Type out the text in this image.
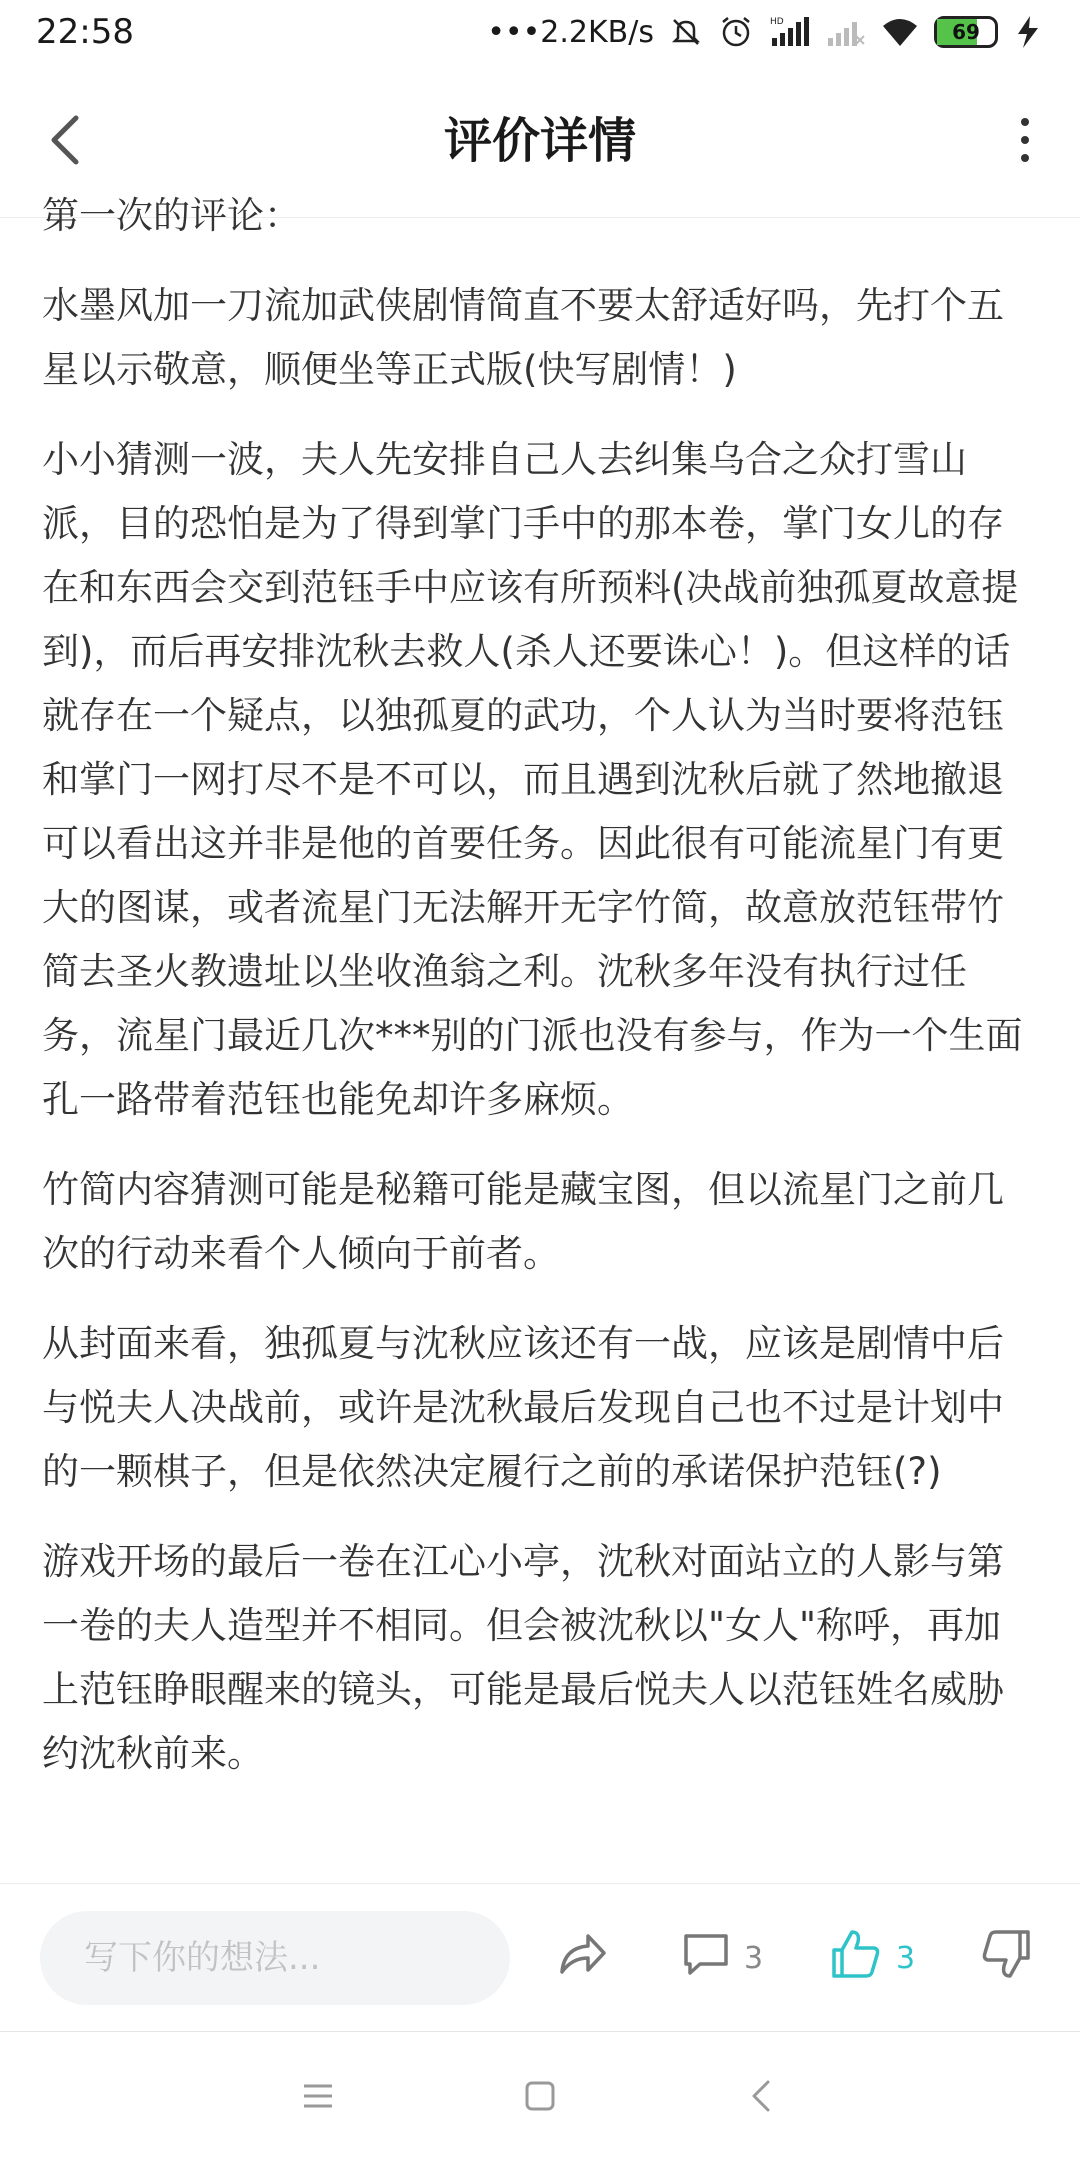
22:58	•••2.2KB/s	HD	69
评价详情
第一次的评论：

水墨风加一刀流加武侠剧情简直不要太舒适好吗，先打个五星以示敬意，顺便坐等正式版(快写剧情！)

小小猜测一波，夫人先安排自己人去纠集乌合之众打雪山派，目的恐怕是为了得到掌门手中的那本卷，掌门女儿的存在和东西会交到范钰手中应该有所预料(决战前独孤夏故意提到)，而后再安排沈秋去救人(杀人还要诛心！)。但这样的话就存在一个疑点，以独孤夏的武功，个人认为当时要将范钰和掌门一网打尽不是不可以，而且遇到沈秋后就了然地撤退可以看出这并非是他的首要任务。因此很有可能流星门有更大的图谋，或者流星门无法解开无字竹简，故意放范钰带竹简去圣火教遗址以坐收渔翁之利。沈秋多年没有执行过任务，流星门最近几次***别的门派也没有参与，作为一个生面孔一路带着范钰也能免却许多麻烦。

竹简内容猜测可能是秘籍可能是藏宝图，但以流星门之前几次的行动来看个人倾向于前者。

从封面来看，独孤夏与沈秋应该还有一战，应该是剧情中后与悦夫人决战前，或许是沈秋最后发现自己也不过是计划中的一颗棋子，但是依然决定履行之前的承诺保护范钰(?)

游戏开场的最后一卷在江心小亭，沈秋对面站立的人影与第一卷的夫人造型并不相同。但会被沈秋以"女人"称呼，再加上范钰睁眼醒来的镜头，可能是最后悦夫人以范钰姓名威胁约沈秋前来。

写下你的想法...
3	3
